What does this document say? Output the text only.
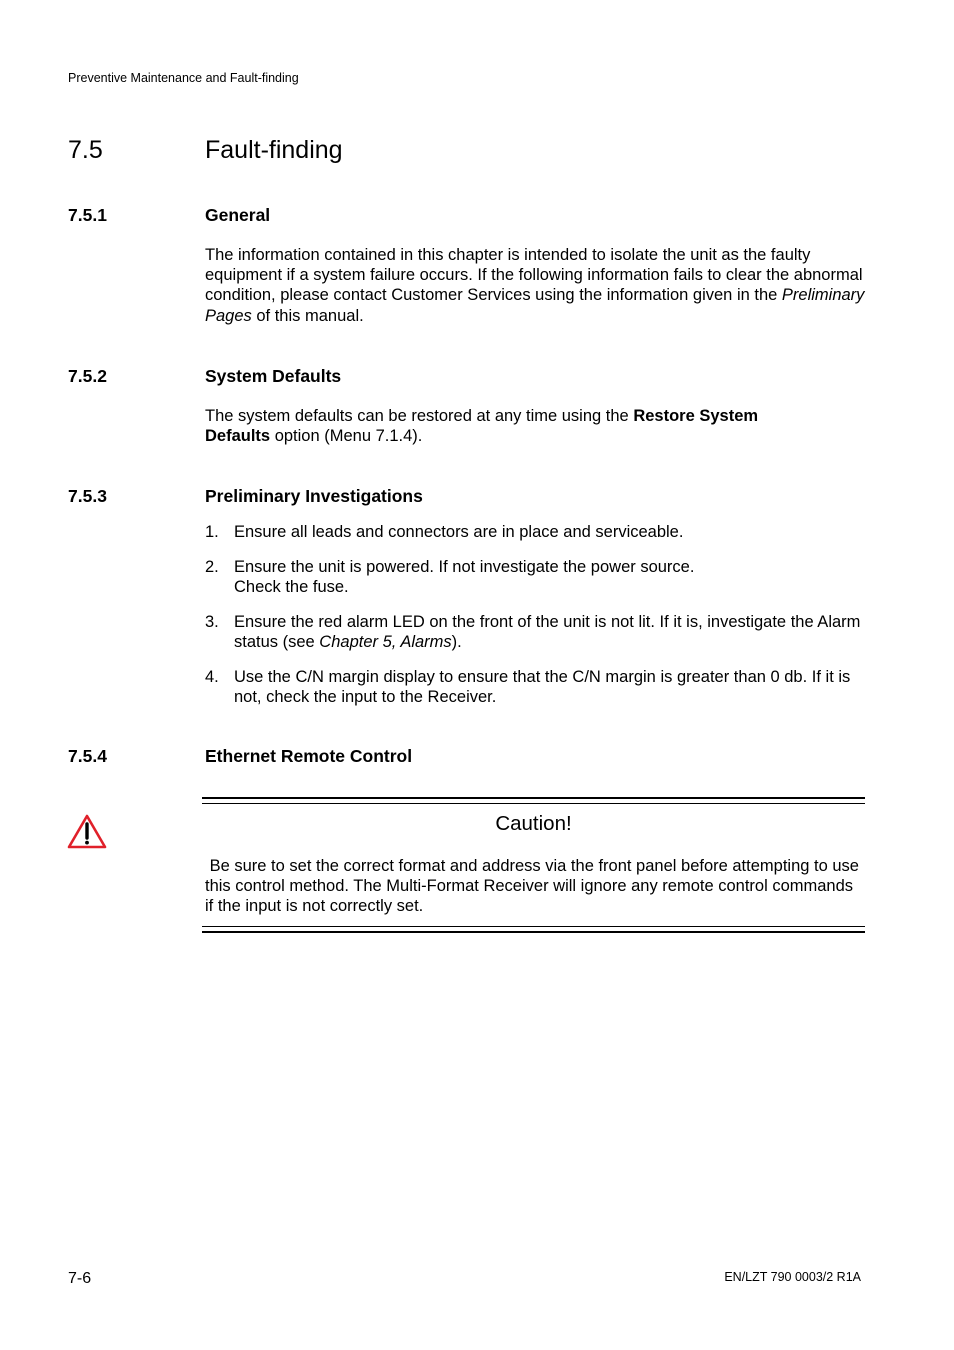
Preventive Maintenance and Fault-finding
7.5	Fault-finding
7.5.1	General
The information contained in this chapter is intended to isolate the unit as the faulty equipment if a system failure occurs. If the following information fails to clear the abnormal condition, please contact Customer Services using the information given in the Preliminary Pages of this manual.
7.5.2	System Defaults
The system defaults can be restored at any time using the Restore System Defaults option (Menu 7.1.4).
7.5.3	Preliminary Investigations
1. Ensure all leads and connectors are in place and serviceable.
2. Ensure the unit is powered. If not investigate the power source.
Check the fuse.
3. Ensure the red alarm LED on the front of the unit is not lit. If it is, investigate the Alarm status (see Chapter 5, Alarms).
4. Use the C/N margin display to ensure that the C/N margin is greater than 0 db. If it is not, check the input to the Receiver.
7.5.4	Ethernet Remote Control
Caution!
Be sure to set the correct format and address via the front panel before attempting to use this control method. The Multi-Format Receiver will ignore any remote control commands if the input is not correctly set.
7-6	EN/LZT 790 0003/2 R1A
